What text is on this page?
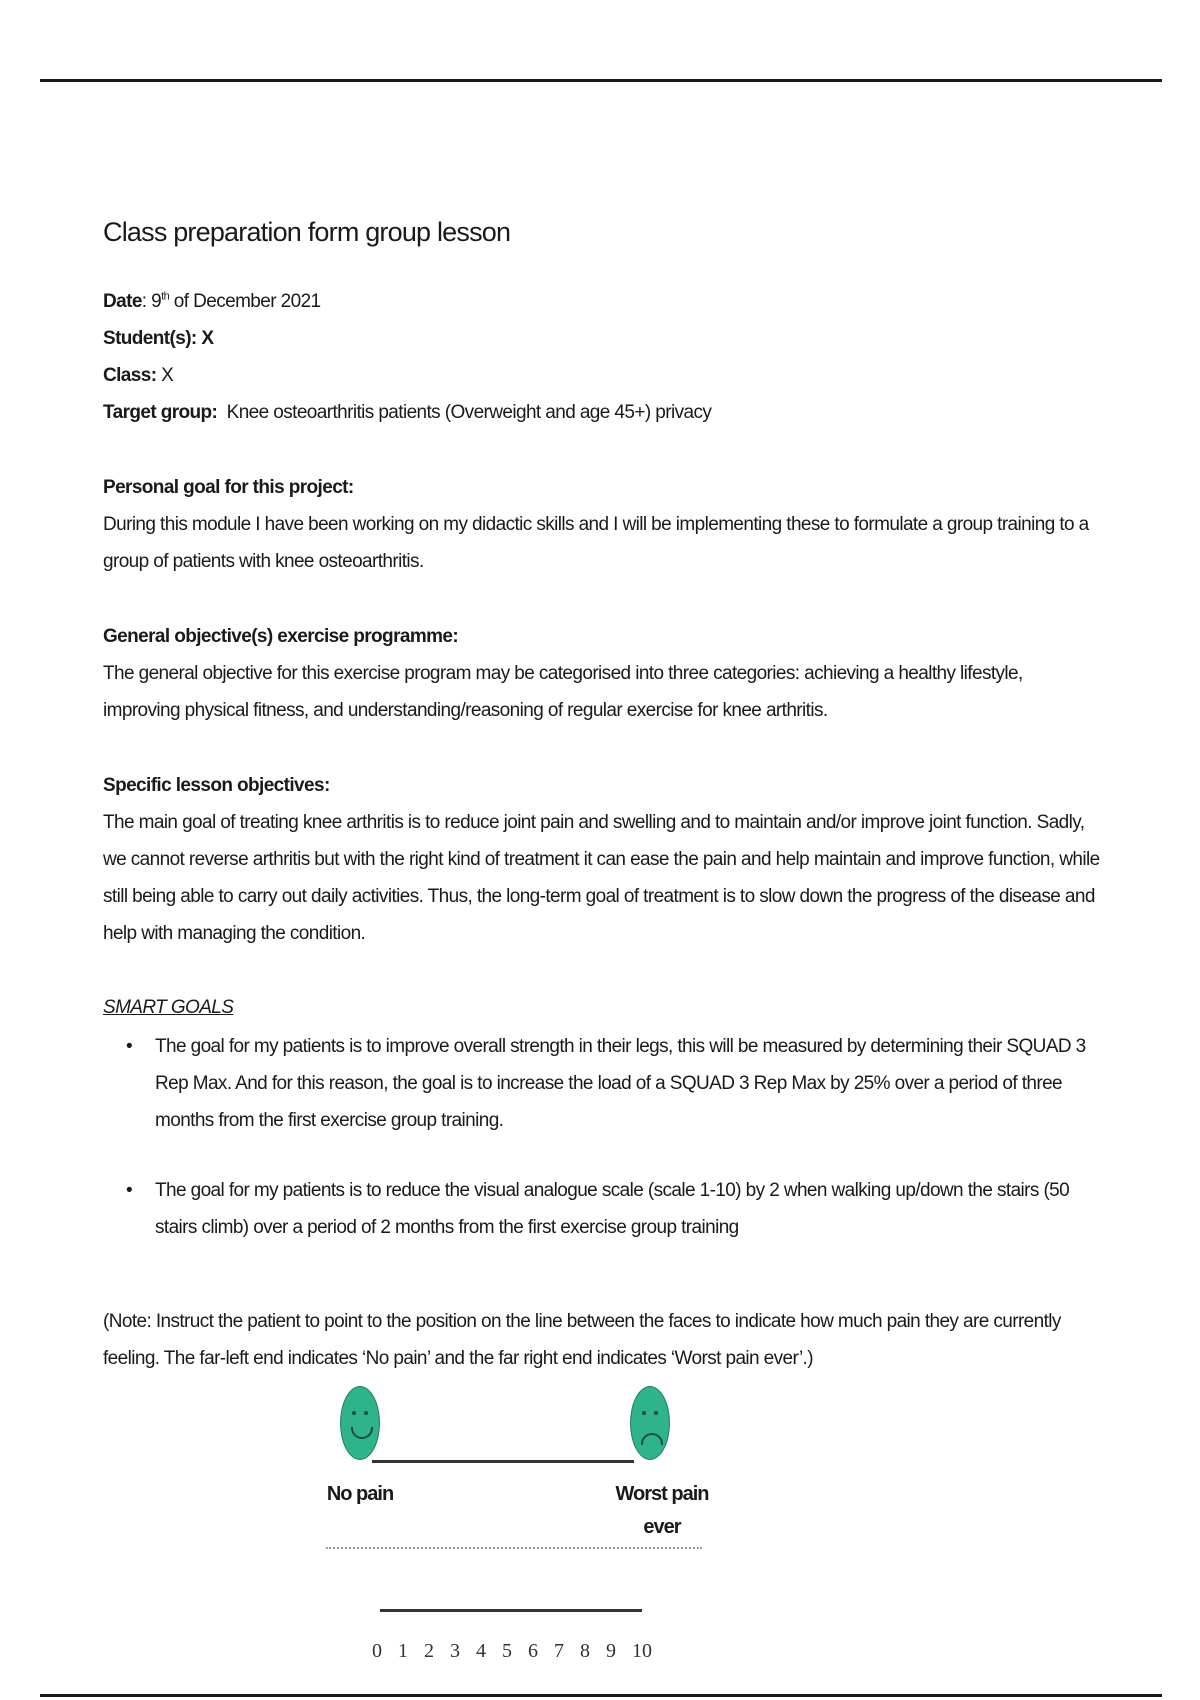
Class preparation form group lesson

Date: 9th of December 2021

Student(s): X

Class: X

Target group: Knee osteoarthritis patients (Overweight and age 45+) privacy

Personal goal for this project:

During this module I have been working on my didactic skills and I will be implementing these to formulate a group training to a group of patients with knee osteoarthritis.

General objective(s) exercise programme:

The general objective for this exercise program may be categorised into three categories: achieving a healthy lifestyle, improving physical fitness, and understanding/reasoning of regular exercise for knee arthritis.

Specific lesson objectives:

The main goal of treating knee arthritis is to reduce joint pain and swelling and to maintain and/or improve joint function. Sadly, we cannot reverse arthritis but with the right kind of treatment it can ease the pain and help maintain and improve function, while still being able to carry out daily activities. Thus, the long-term goal of treatment is to slow down the progress of the disease and help with managing the condition.

SMART GOALS

• The goal for my patients is to improve overall strength in their legs, this will be measured by determining their SQUAD 3 Rep Max. And for this reason, the goal is to increase the load of a SQUAD 3 Rep Max by 25% over a period of three months from the first exercise group training.
• The goal for my patients is to reduce the visual analogue scale (scale 1-10) by 2 when walking up/down the stairs (50 stairs climb) over a period of 2 months from the first exercise group training

(Note: Instruct the patient to point to the position on the line between the faces to indicate how much pain they are currently feeling. The far-left end indicates ‘No pain’ and the far right end indicates ‘Worst pain ever’.)

No pain	Worst pain
ever
0 1 2 3 4 5 6 7 8 9 10
